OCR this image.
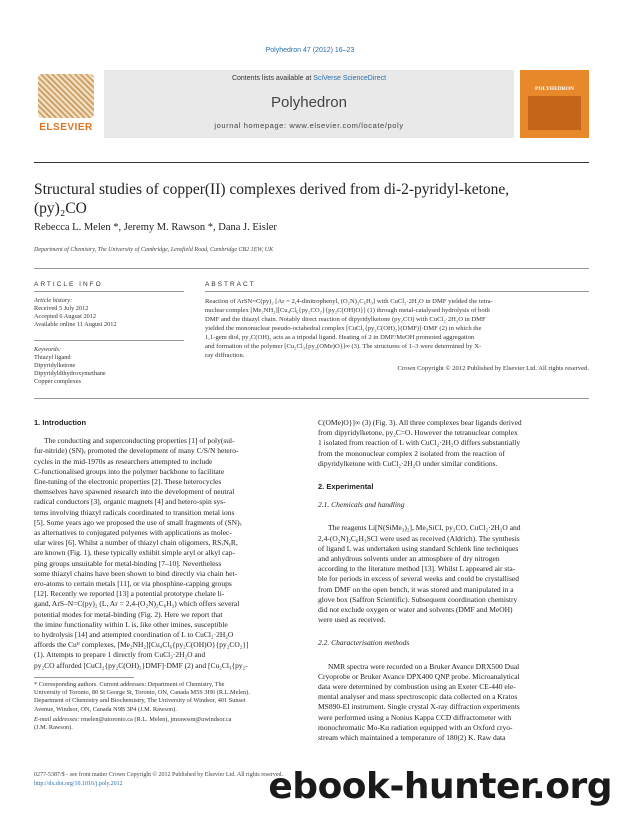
Polyhedron 47 (2012) 16–23
ELSEVIER
Contents lists available at SciVerse ScienceDirect
Polyhedron
journal homepage: www.elsevier.com/locate/poly
POLYHEDRON
Structural studies of copper(II) complexes derived from di-2-pyridyl-ketone,
(py)₂CO
Rebecca L. Melen *, Jeremy M. Rawson *, Dana J. Eisler
Department of Chemistry, The University of Cambridge, Lensfield Road, Cambridge CB2 1EW, UK
ARTICLE INFO	ABSTRACT
Article history:
Received 5 July 2012
Accepted 6 August 2012
Available online 11 August 2012
Keywords:
Thiazyl ligand
Dipyridylketone
Dipyridyldihydroxymethane
Copper complexes
Reaction of ArSN=C(py)₂ [Ar = 2,4-dinitrophenyl, (O₂N)₂C₆H₃] with CuCl₂·2H₂O in DMF yielded the tetra-
nuclear complex [Me₂NH₂][Cu₄Cl₆{py₂CO₂}{py₂C(OH)O}] (1) through metal-catalysed hydrolysis of both
DMF and the thiazyl chain. Notably direct reaction of dipyridylketone (py₂CO) with CuCl₂·2H₂O in DMF
yielded the mononuclear pseudo-octahedral complex [CuCl₂{py₂C(OH)₂}(DMF)]·DMF (2) in which the
1,1-gem diol, py₂C(OH)₂ acts as a tripodal ligand. Heating of 2 in DMF/MeOH promoted aggregation
and formation of the polymer [Cu₂Cl₃{py₂(OMe)O}]∞ (3). The structures of 1–3 were determined by X-
ray diffraction.
Crown Copyright © 2012 Published by Elsevier Ltd. All rights reserved.
1. Introduction
The conducting and superconducting properties [1] of poly(sul-
fur-nitride) (SN)ₓ promoted the development of many C/S/N hetero-
cycles in the mid-1970s as researchers attempted to include
C-functionalised groups into the polymer backbone to facilitate
fine-tuning of the electronic properties [2]. These heterocycles
themselves have spawned research into the development of neutral
radical conductors [3], organic magnets [4] and hetero-spin sys-
tems involving thiazyl radicals coordinated to transition metal ions
[5]. Some years ago we proposed the use of small fragments of (SN)ₓ
as alternatives to conjugated polyenes with applications as molec-
ular wires [6]. Whilst a number of thiazyl chain oligomers, RSₓNᵧR,
are known (Fig. 1), these typically exhibit simple aryl or alkyl cap-
ping groups unsuitable for metal-binding [7–10]. Nevertheless
some thiazyl chains have been shown to bind directly via chain het-
ero-atoms to certain metals [11], or via phosphine-capping groups
[12]. Recently we reported [13] a potential prototype chelate li-
gand, ArS–N=C(py)₂ (L, Ar = 2,4-(O₂N)₂C₆H₃) which offers several
potential modes for metal-binding (Fig. 2). Here we report that
the imine functionality within L is, like other imines, susceptible
to hydrolysis [14] and attempted coordination of L to CuCl₂·2H₂O
affords the Cuᴵᴵ complexes, [Me₂NH₂][Cu₄Cl₆{py₂C(OH)O}{py₂CO₂}]
(1). Attempts to prepare 1 directly from CuCl₂·2H₂O and
py₂CO afforded [CuCl₂{py₂C(OH)₂}DMF]·DMF (2) and [Cu₂Cl₃{py₂-
* Corresponding authors. Current addresses: Department of Chemistry, The
University of Toronto, 80 St George St, Toronto, ON, Canada M5S 3H6 (R.L.Melen).
Department of Chemistry and Biochemistry, The University of Windsor, 401 Sunset
Avenue, Windsor, ON, Canada N9B 3P4 (J.M. Rawson).
E-mail addresses: rmelen@utoronto.ca (R.L. Melen), jmrawson@uwindsor.ca
(J.M. Rawson).
C(OMe)O}]∞ (3) (Fig. 3). All three complexes bear ligands derived
from dipyridylketone, py₂C=O. However the tetranuclear complex
1 isolated from reaction of L with CuCl₂·2H₂O differs substantially
from the mononuclear complex 2 isolated from the reaction of
dipyridylketone with CuCl₂·2H₂O under similar conditions.
2. Experimental
2.1. Chemicals and handling
The reagents Li[N(SiMe₃)₂], Me₃SiCl, py₂CO, CuCl₂·2H₂O and
2,4-(O₂N)₂C₆H₃SCl were used as received (Aldrich). The synthesis
of ligand L was undertaken using standard Schlenk line techniques
and anhydrous solvents under an atmosphere of dry nitrogen
according to the literature method [13]. Whilst L appeared air sta-
ble for periods in excess of several weeks and could be crystallised
from DMF on the open bench, it was stored and manipulated in a
glove box (Saffron Scientific). Subsequent coordination chemistry
did not exclude oxygen or water and solvents (DMF and MeOH)
were used as received.
2.2. Characterisation methods
NMR spectra were recorded on a Bruker Avance DRX500 Dual
Cryoprobe or Bruker Avance DPX400 QNP probe. Microanalytical
data were determined by combustion using an Exeter CE-440 ele-
mental analyser and mass spectroscopic data collected on a Kratos
MS890-EI instrument. Single crystal X-ray diffraction experiments
were performed using a Nonius Kappa CCD diffractometer with
monochromatic Mo-Kα radiation equipped with an Oxford cryo-
stream which maintained a temperature of 180(2) K. Raw data
0277-5387/$ - see front matter Crown Copyright © 2012 Published by Elsevier Ltd. All rights reserved.
http://dx.doi.org/10.1016/j.poly.2012	ebook-hunter.org
